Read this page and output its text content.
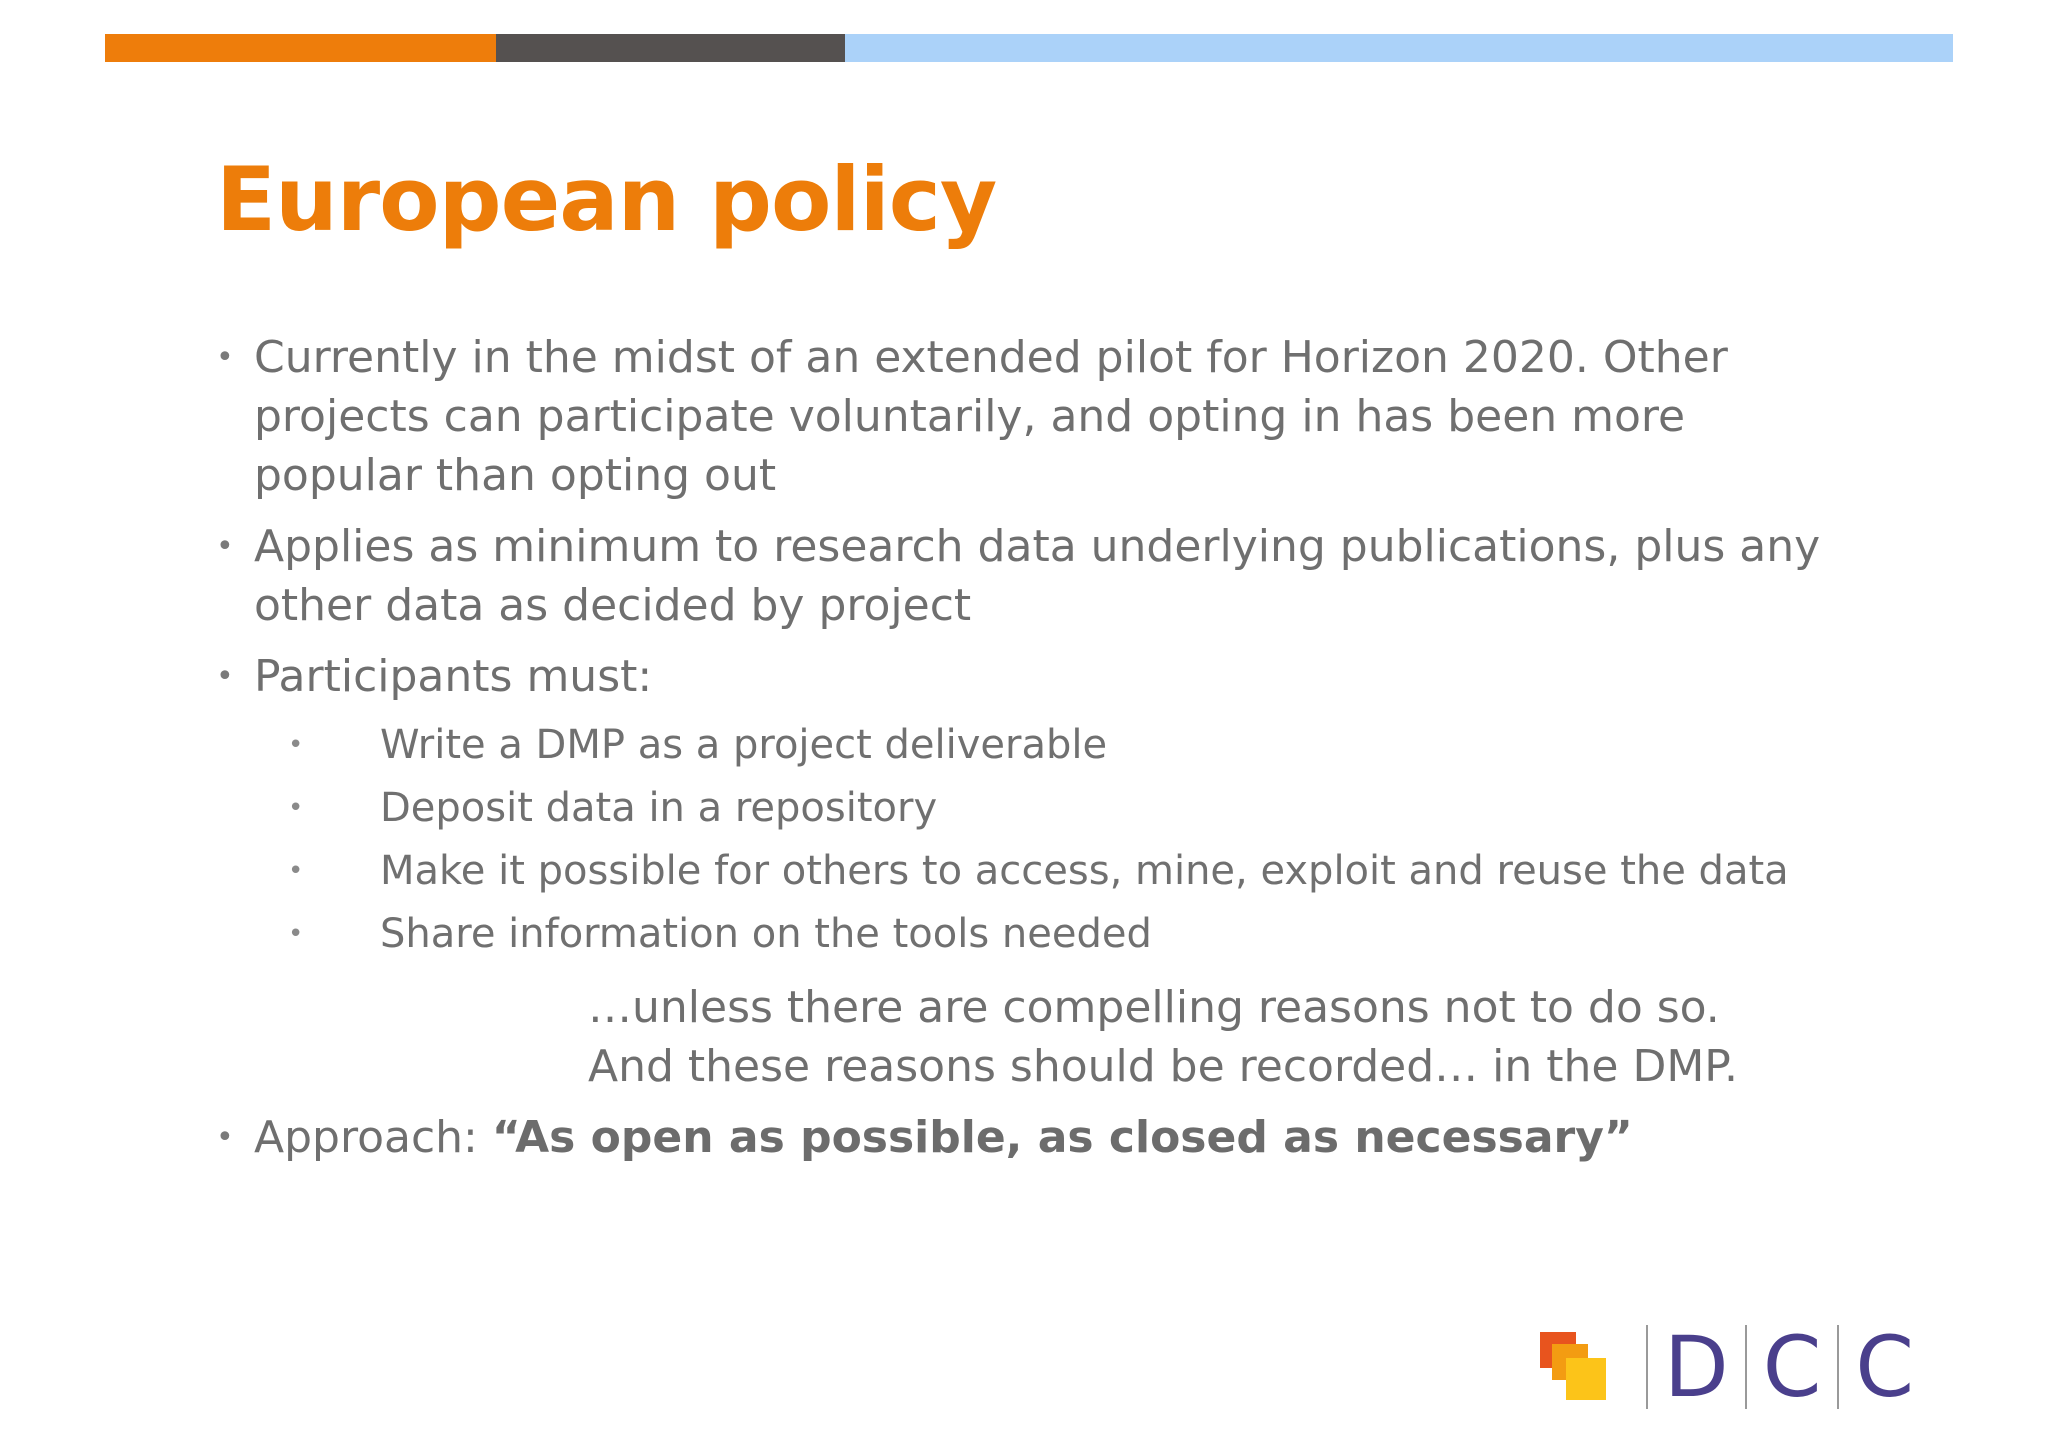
European policy
• Currently in the midst of an extended pilot for Horizon 2020. Other projects can participate voluntarily, and opting in has been more popular than opting out
• Applies as minimum to research data underlying publications, plus any other data as decided by project
• Participants must:
• Write a DMP as a project deliverable
• Deposit data in a repository
• Make it possible for others to access, mine, exploit and reuse the data
• Share information on the tools needed
…unless there are compelling reasons not to do so.
And these reasons should be recorded… in the DMP.
• Approach: “As open as possible, as closed as necessary”
D C C
